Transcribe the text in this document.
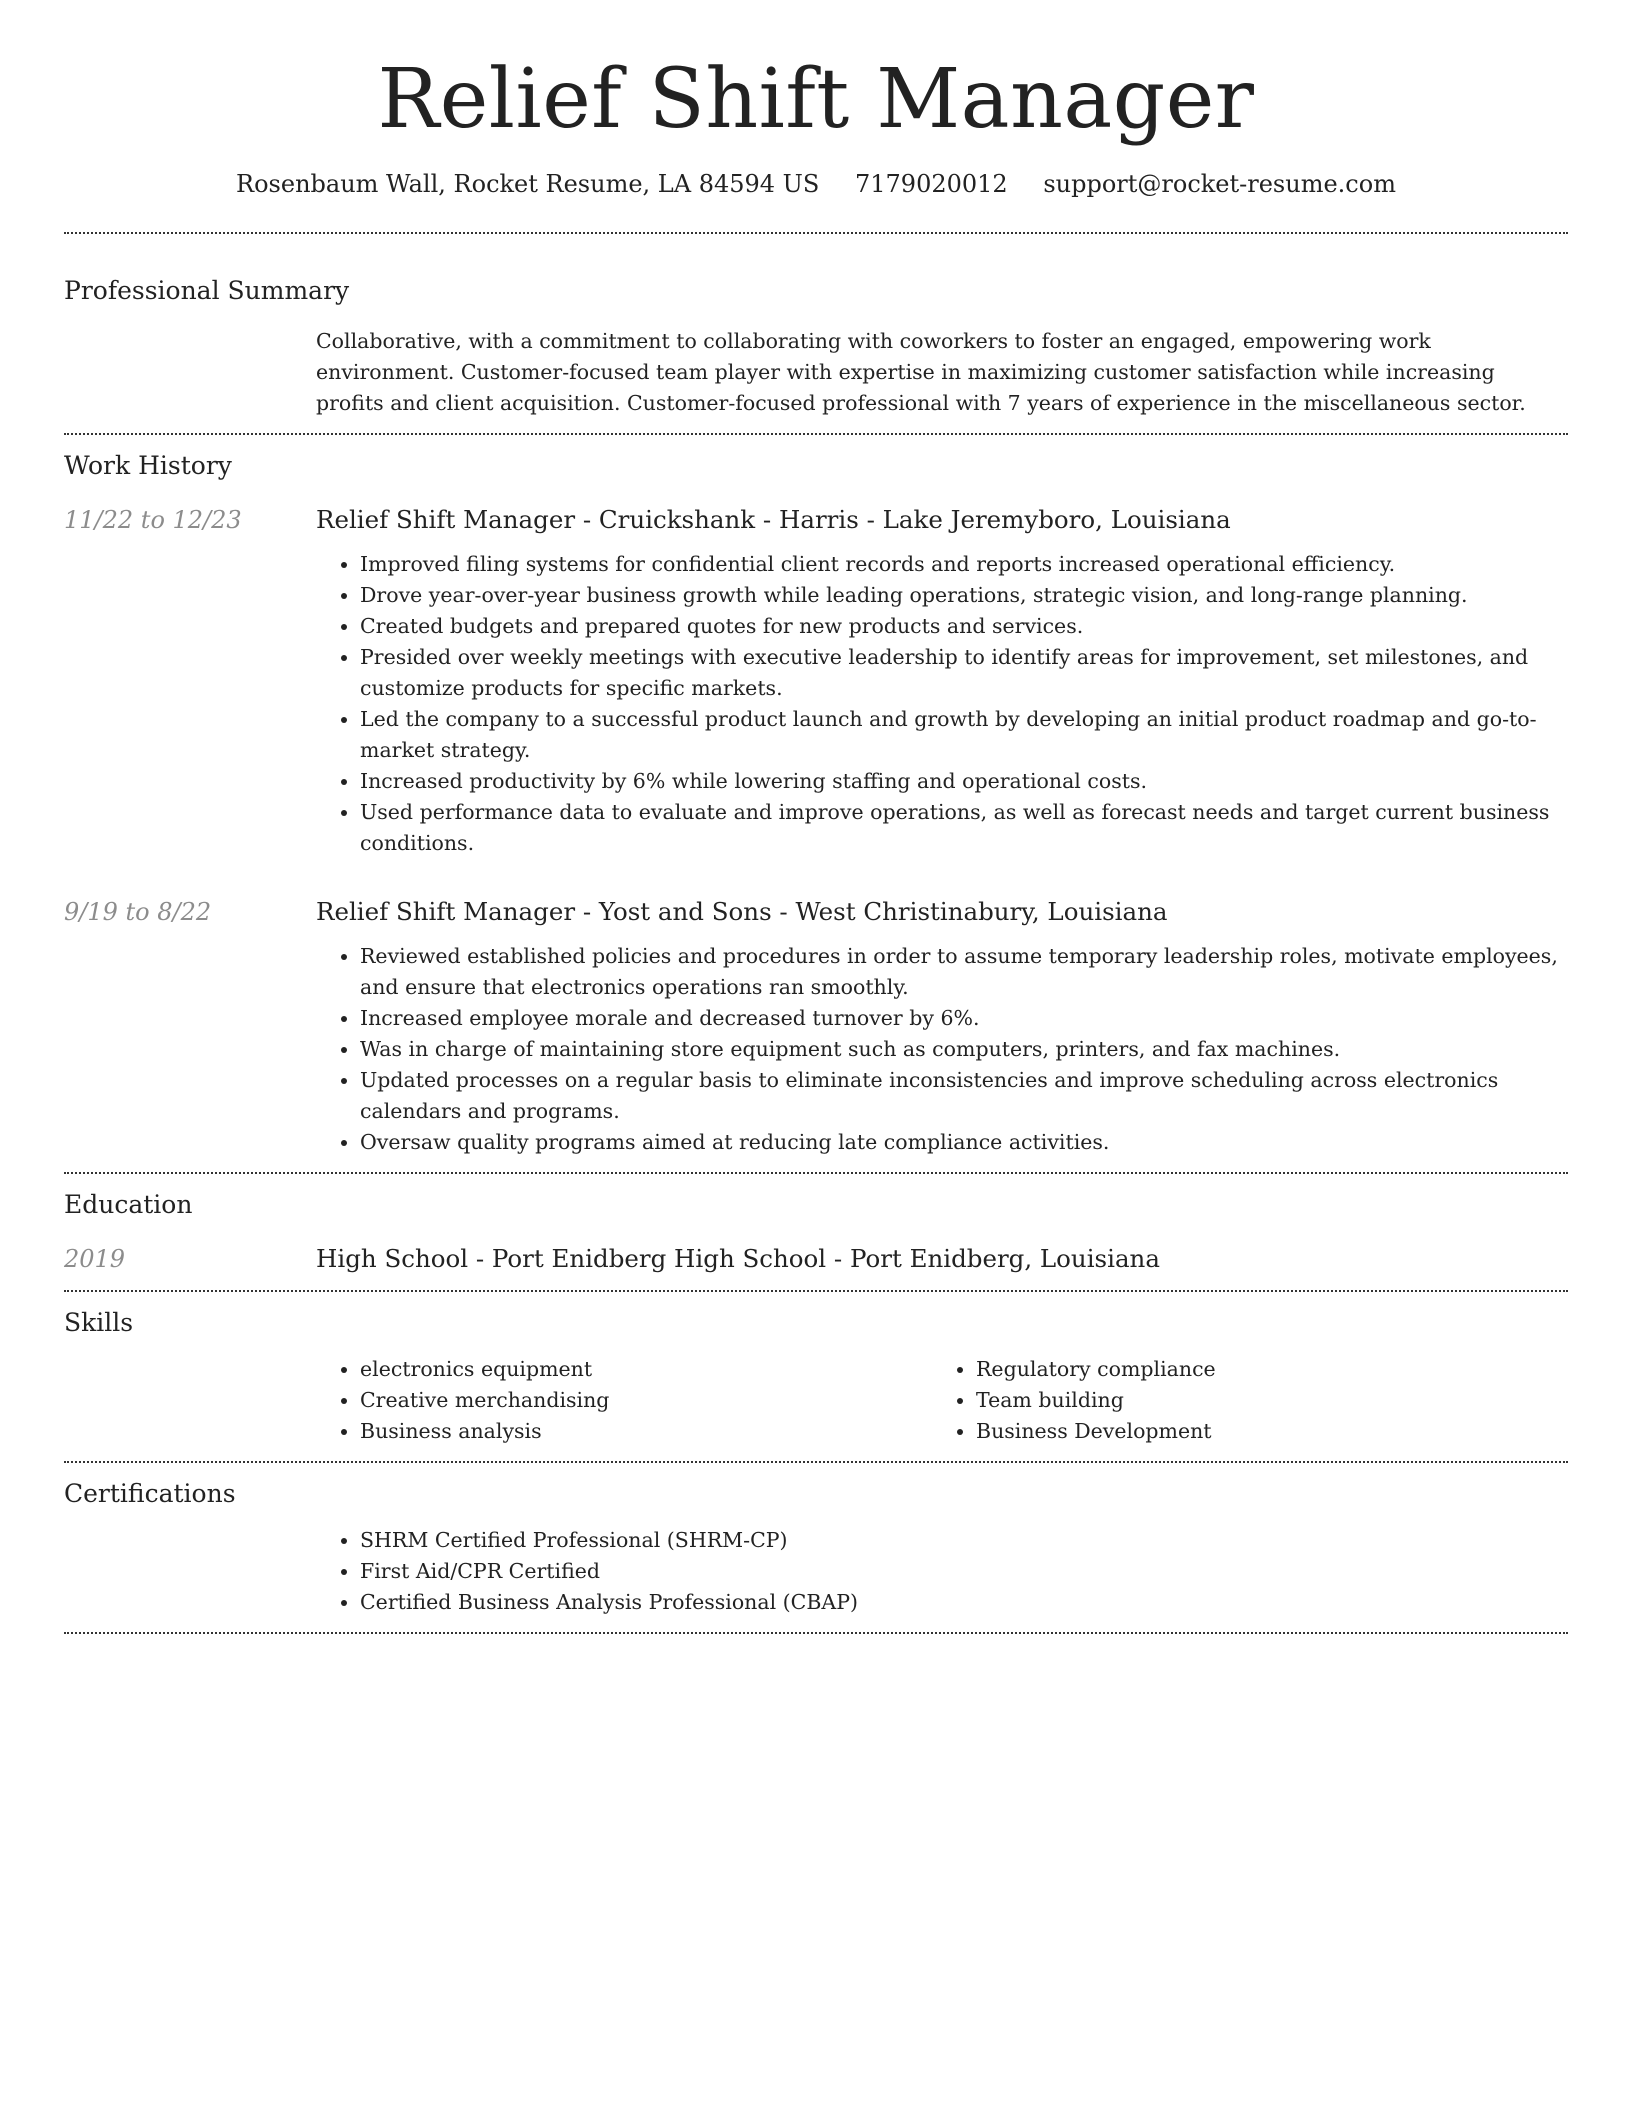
Relief Shift Manager
Rosenbaum Wall, Rocket Resume, LA 84594 US 7179020012 support@rocket-resume.com
Professional Summary
Collaborative, with a commitment to collaborating with coworkers to foster an engaged, empowering work environment. Customer-focused team player with expertise in maximizing customer satisfaction while increasing profits and client acquisition. Customer-focused professional with 7 years of experience in the miscellaneous sector.
Work History
11/22 to 12/23	Relief Shift Manager - Cruickshank - Harris - Lake Jeremyboro, Louisiana
• Improved filing systems for confidential client records and reports increased operational efficiency.
• Drove year-over-year business growth while leading operations, strategic vision, and long-range planning.
• Created budgets and prepared quotes for new products and services.
• Presided over weekly meetings with executive leadership to identify areas for improvement, set milestones, and customize products for specific markets.
• Led the company to a successful product launch and growth by developing an initial product roadmap and go-to-market strategy.
• Increased productivity by 6% while lowering staffing and operational costs.
• Used performance data to evaluate and improve operations, as well as forecast needs and target current business conditions.
9/19 to 8/22	Relief Shift Manager - Yost and Sons - West Christinabury, Louisiana
• Reviewed established policies and procedures in order to assume temporary leadership roles, motivate employees, and ensure that electronics operations ran smoothly.
• Increased employee morale and decreased turnover by 6%.
• Was in charge of maintaining store equipment such as computers, printers, and fax machines.
• Updated processes on a regular basis to eliminate inconsistencies and improve scheduling across electronics calendars and programs.
• Oversaw quality programs aimed at reducing late compliance activities.
Education
2019	High School - Port Enidberg High School - Port Enidberg, Louisiana
Skills
• electronics equipment
• Creative merchandising
• Business analysis
• Regulatory compliance
• Team building
• Business Development
Certifications
• SHRM Certified Professional (SHRM-CP)
• First Aid/CPR Certified
• Certified Business Analysis Professional (CBAP)
